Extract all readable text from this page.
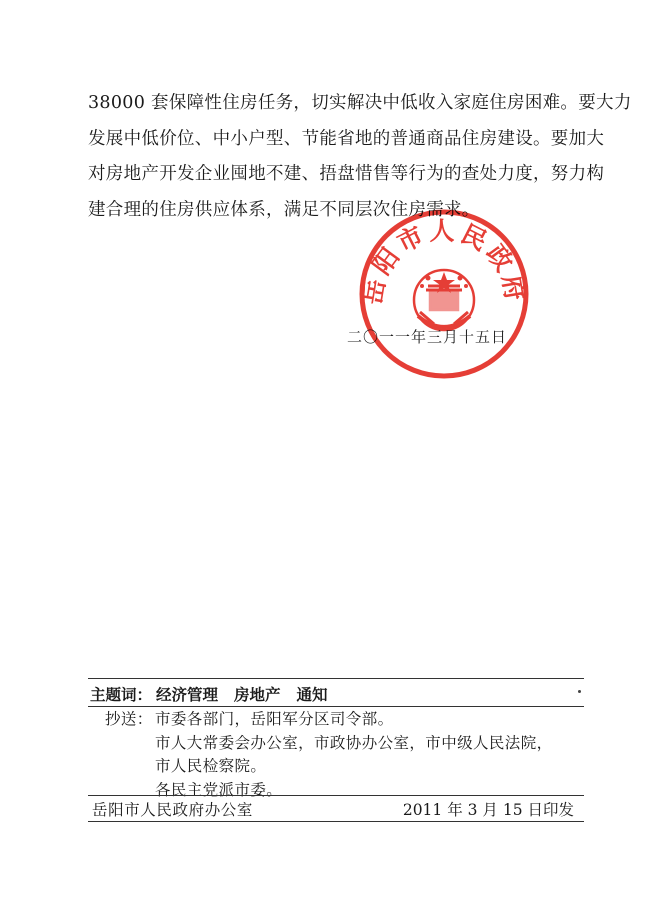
38000 套保障性住房任务，切实解决中低收入家庭住房困难。要大力
发展中低价位、中小户型、节能省地的普通商品住房建设。要加大
对房地产开发企业囤地不建、捂盘惜售等行为的查处力度，努力构
建合理的住房供应体系，满足不同层次住房需求。
二〇一一年三月十五日
岳阳市人民政府
主题词： 经济管理 房地产 通知
抄送： 市委各部门，岳阳军分区司令部。
市人大常委会办公室，市政协办公室，市中级人民法院，
市人民检察院。
各民主党派市委。
岳阳市人民政府办公室	2011 年 3 月 15 日印发
